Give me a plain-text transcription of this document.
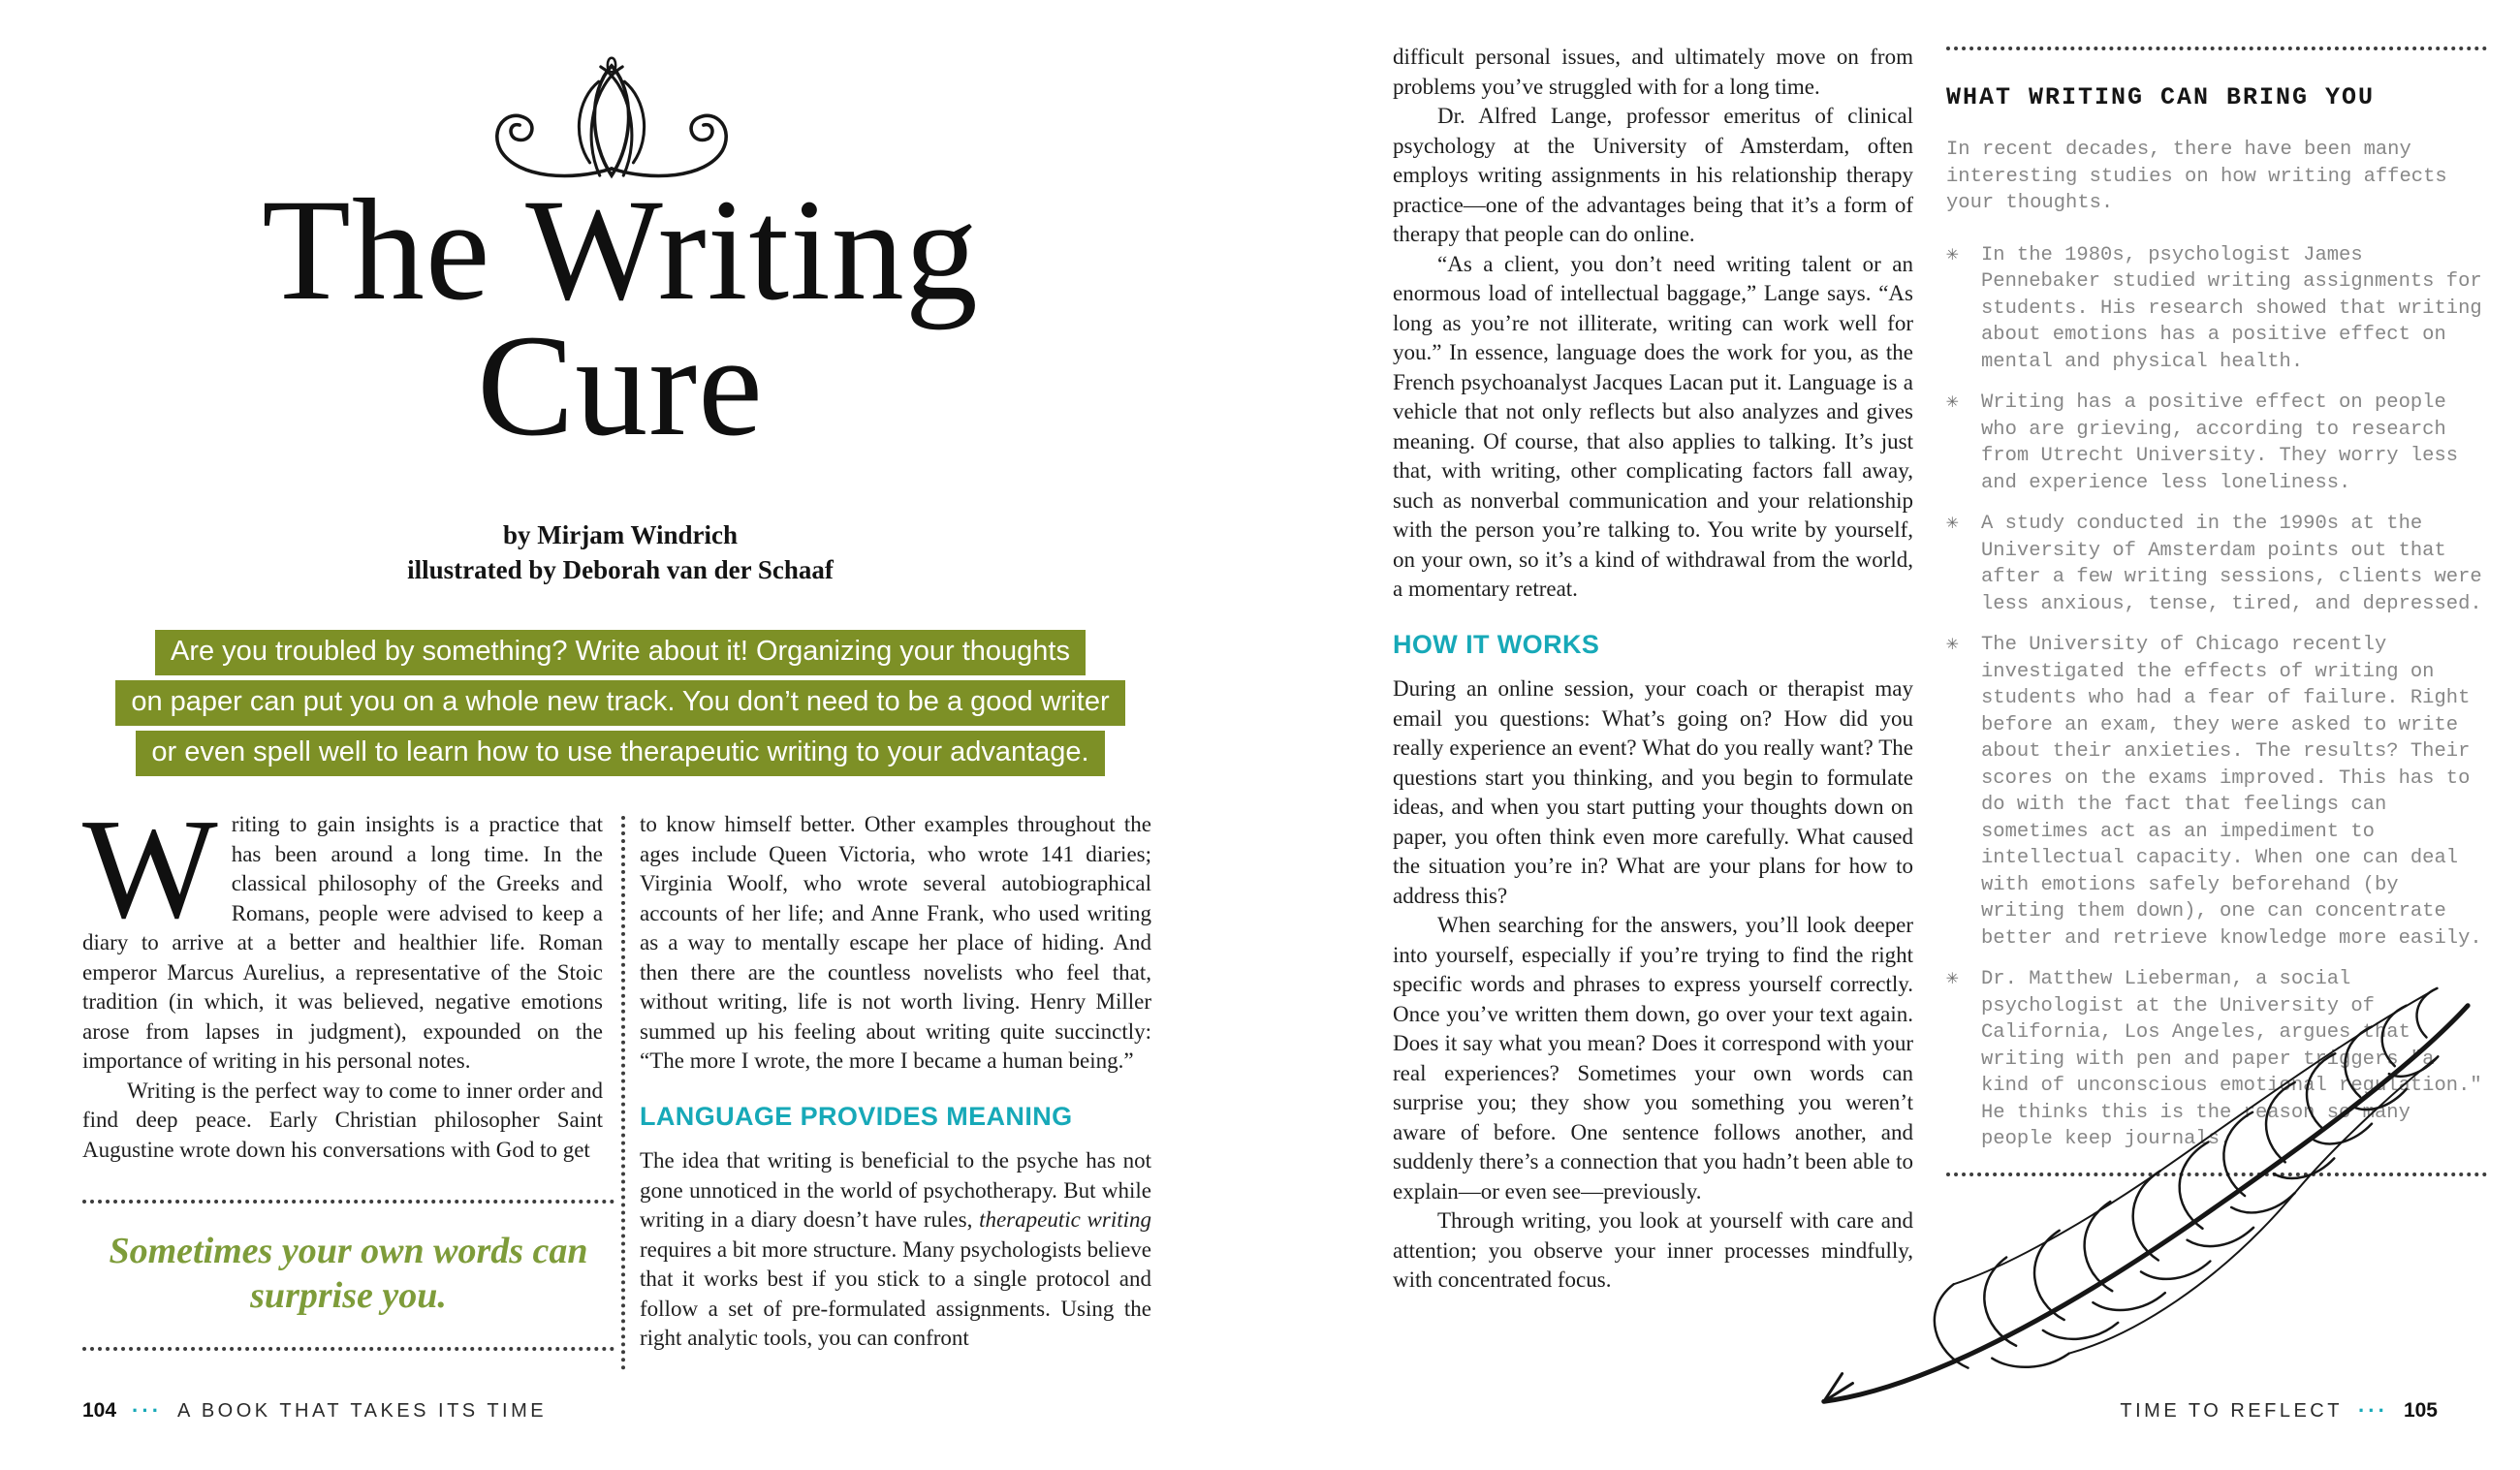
The Writing
Cure
by Mirjam Windrich
illustrated by Deborah van der Schaaf
Are you troubled by something? Write about it! Organizing your thoughts
on paper can put you on a whole new track. You don’t need to be a good writer
or even spell well to learn how to use therapeutic writing to your advantage.

Writing to gain insights is a practice that has been around a long time. In the classical philosophy of the Greeks and Romans, people were advised to keep a diary to arrive at a better and healthier life. Roman emperor Marcus Aurelius, a representative of the Stoic tradition (in which, it was believed, negative emotions arose from lapses in judgment), expounded on the importance of writing in his personal notes.

Writing is the perfect way to come to inner order and find deep peace. Early Christian philosopher Saint Augustine wrote down his conversations with God to get

Sometimes your own words can surprise you.

to know himself better. Other examples throughout the ages include Queen Victoria, who wrote 141 diaries; Virginia Woolf, who wrote several autobiographical accounts of her life; and Anne Frank, who used writing as a way to mentally escape her place of hiding. And then there are the countless novelists who feel that, without writing, life is not worth living. Henry Miller summed up his feeling about writing quite succinctly: “The more I wrote, the more I became a human being.”

LANGUAGE PROVIDES MEANING

The idea that writing is beneficial to the psyche has not gone unnoticed in the world of psychotherapy. But while writing in a diary doesn’t have rules, therapeutic writing requires a bit more structure. Many psychologists believe that it works best if you stick to a single protocol and follow a set of pre-formulated assignments. Using the right analytic tools, you can confront

104 ··· A BOOK THAT TAKES ITS TIME

difficult personal issues, and ultimately move on from problems you’ve struggled with for a long time.

Dr. Alfred Lange, professor emeritus of clinical psychology at the University of Amsterdam, often employs writing assignments in his relationship therapy practice—one of the advantages being that it’s a form of therapy that people can do online.

“As a client, you don’t need writing talent or an enormous load of intellectual baggage,” Lange says. “As long as you’re not illiterate, writing can work well for you.” In essence, language does the work for you, as the French psychoanalyst Jacques Lacan put it. Language is a vehicle that not only reflects but also analyzes and gives meaning. Of course, that also applies to talking. It’s just that, with writing, other complicating factors fall away, such as nonverbal communication and your relationship with the person you’re talking to. You write by yourself, on your own, so it’s a kind of withdrawal from the world, a momentary retreat.

HOW IT WORKS

During an online session, your coach or therapist may email you questions: What’s going on? How did you really experience an event? What do you really want? The questions start you thinking, and you begin to formulate ideas, and when you start putting your thoughts down on paper, you often think even more carefully. What caused the situation you’re in? What are your plans for how to address this?

When searching for the answers, you’ll look deeper into yourself, especially if you’re trying to find the right specific words and phrases to express yourself correctly. Once you’ve written them down, go over your text again. Does it say what you mean? Does it correspond with your real experiences? Sometimes your own words can surprise you; they show you something you weren’t aware of before. One sentence follows another, and suddenly there’s a connection that you hadn’t been able to explain—or even see—previously.

Through writing, you look at yourself with care and attention; you observe your inner processes mindfully, with concentrated focus.

WHAT WRITING CAN BRING YOU

In recent decades, there have been many interesting studies on how writing affects your thoughts.

✳ In the 1980s, psychologist James Pennebaker studied writing assignments for students. His research showed that writing about emotions has a positive effect on mental and physical health.
✳ Writing has a positive effect on people who are grieving, according to research from Utrecht University. They worry less and experience less loneliness.
✳ A study conducted in the 1990s at the University of Amsterdam points out that after a few writing sessions, clients were less anxious, tense, tired, and depressed.
✳ The University of Chicago recently investigated the effects of writing on students who had a fear of failure. Right before an exam, they were asked to write about their anxieties. The results? Their scores on the exams improved. This has to do with the fact that feelings can sometimes act as an impediment to intellectual capacity. When one can deal with emotions safely beforehand (by writing them down), one can concentrate better and retrieve knowledge more easily.
✳ Dr. Matthew Lieberman, a social psychologist at the University of California, Los Angeles, argues that writing with pen and paper triggers "a kind of unconscious emotional regulation." He thinks this is the reason so many people keep journals.
TIME TO REFLECT ··· 105
